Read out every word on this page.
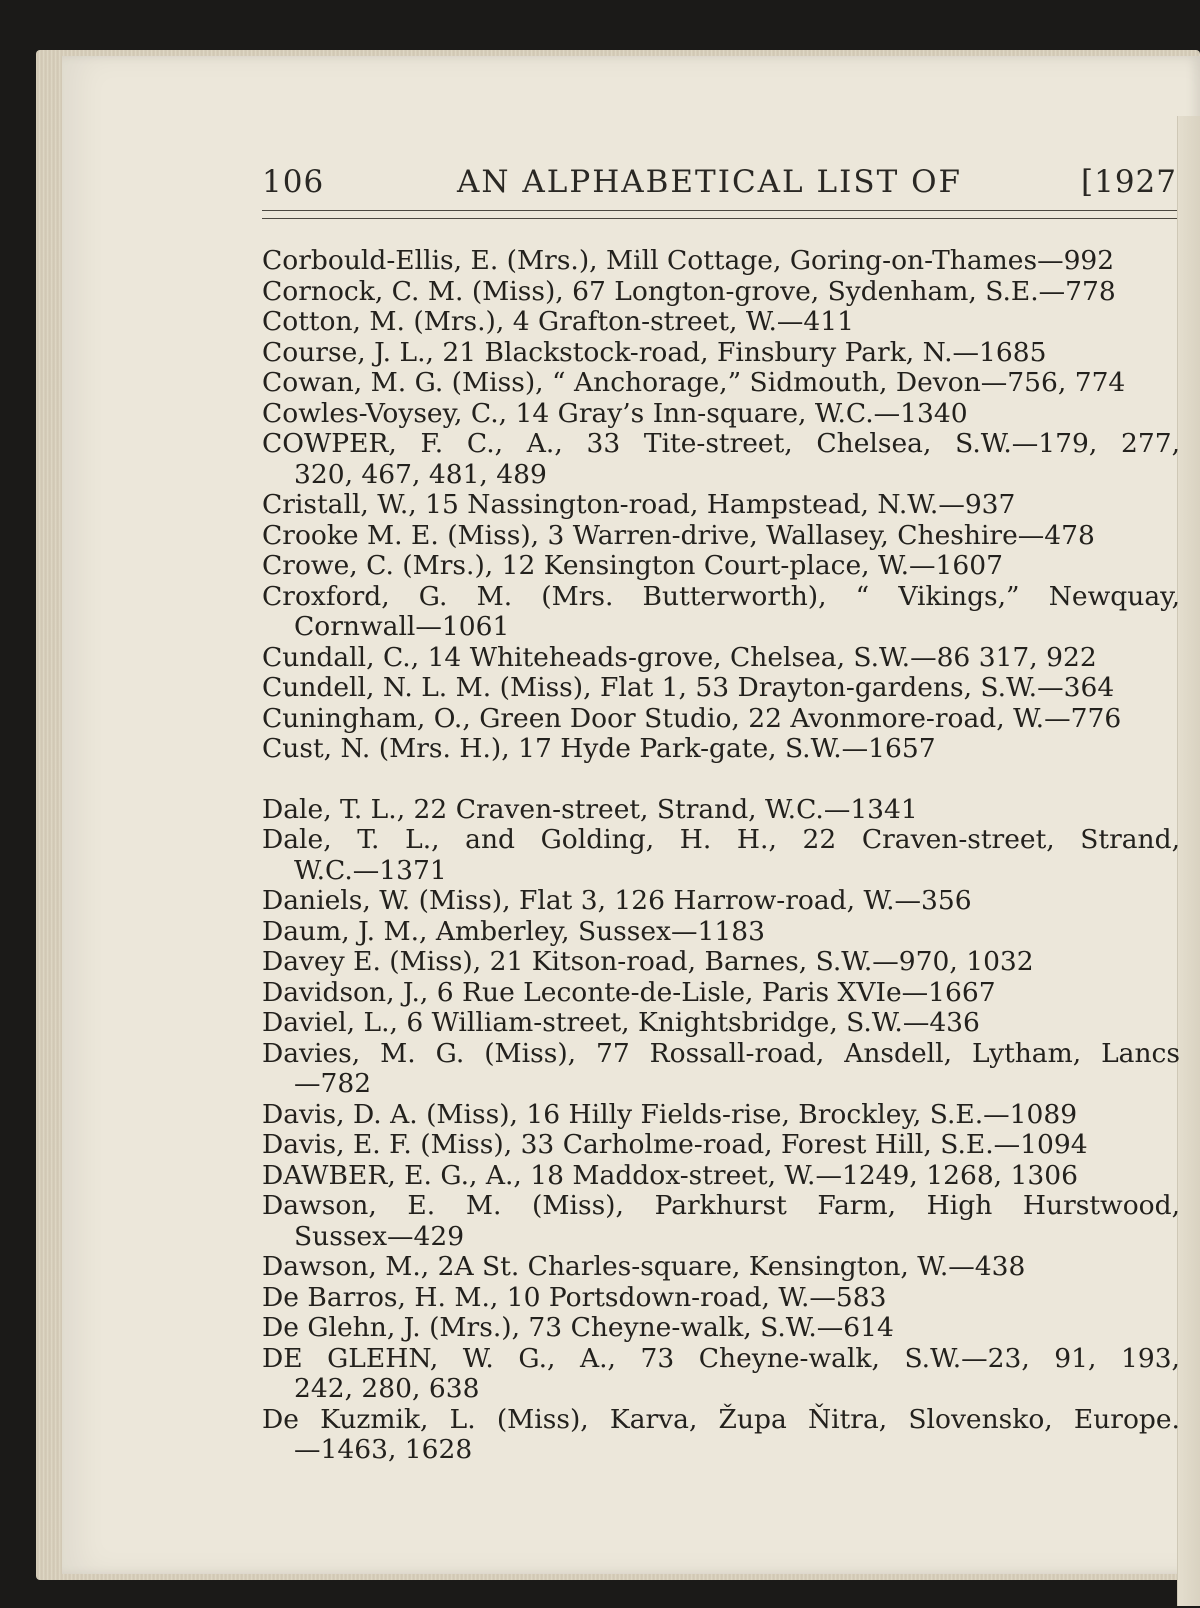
106	AN ALPHABETICAL LIST OF	[1927
Corbould-Ellis, E. (Mrs.), Mill Cottage, Goring-on-Thames—992
Cornock, C. M. (Miss), 67 Longton-grove, Sydenham, S.E.—778
Cotton, M. (Mrs.), 4 Grafton-street, W.—411
Course, J. L., 21 Blackstock-road, Finsbury Park, N.—1685
Cowan, M. G. (Miss), “ Anchorage,” Sidmouth, Devon—756, 774
Cowles-Voysey, C., 14 Gray’s Inn-square, W.C.—1340
COWPER, F. C., A., 33 Tite-street, Chelsea, S.W.—179, 277,
320, 467, 481, 489
Cristall, W., 15 Nassington-road, Hampstead, N.W.—937
Crooke M. E. (Miss), 3 Warren-drive, Wallasey, Cheshire—478
Crowe, C. (Mrs.), 12 Kensington Court-place, W.—1607
Croxford, G. M. (Mrs. Butterworth), “ Vikings,” Newquay,
Cornwall—1061
Cundall, C., 14 Whiteheads-grove, Chelsea, S.W.—86 317, 922
Cundell, N. L. M. (Miss), Flat 1, 53 Drayton-gardens, S.W.—364
Cuningham, O., Green Door Studio, 22 Avonmore-road, W.—776
Cust, N. (Mrs. H.), 17 Hyde Park-gate, S.W.—1657
Dale, T. L., 22 Craven-street, Strand, W.C.—1341
Dale, T. L., and Golding, H. H., 22 Craven-street, Strand,
W.C.—1371
Daniels, W. (Miss), Flat 3, 126 Harrow-road, W.—356
Daum, J. M., Amberley, Sussex—1183
Davey E. (Miss), 21 Kitson-road, Barnes, S.W.—970, 1032
Davidson, J., 6 Rue Leconte-de-Lisle, Paris XVIe—1667
Daviel, L., 6 William-street, Knightsbridge, S.W.—436
Davies, M. G. (Miss), 77 Rossall-road, Ansdell, Lytham, Lancs
—782
Davis, D. A. (Miss), 16 Hilly Fields-rise, Brockley, S.E.—1089
Davis, E. F. (Miss), 33 Carholme-road, Forest Hill, S.E.—1094
DAWBER, E. G., A., 18 Maddox-street, W.—1249, 1268, 1306
Dawson, E. M. (Miss), Parkhurst Farm, High Hurstwood,
Sussex—429
Dawson, M., 2A St. Charles-square, Kensington, W.—438
De Barros, H. M., 10 Portsdown-road, W.—583
De Glehn, J. (Mrs.), 73 Cheyne-walk, S.W.—614
DE GLEHN, W. G., A., 73 Cheyne-walk, S.W.—23, 91, 193,
242, 280, 638
De Kuzmik, L. (Miss), Karva, Župa Ňitra, Slovensko, Europe.
—1463, 1628
